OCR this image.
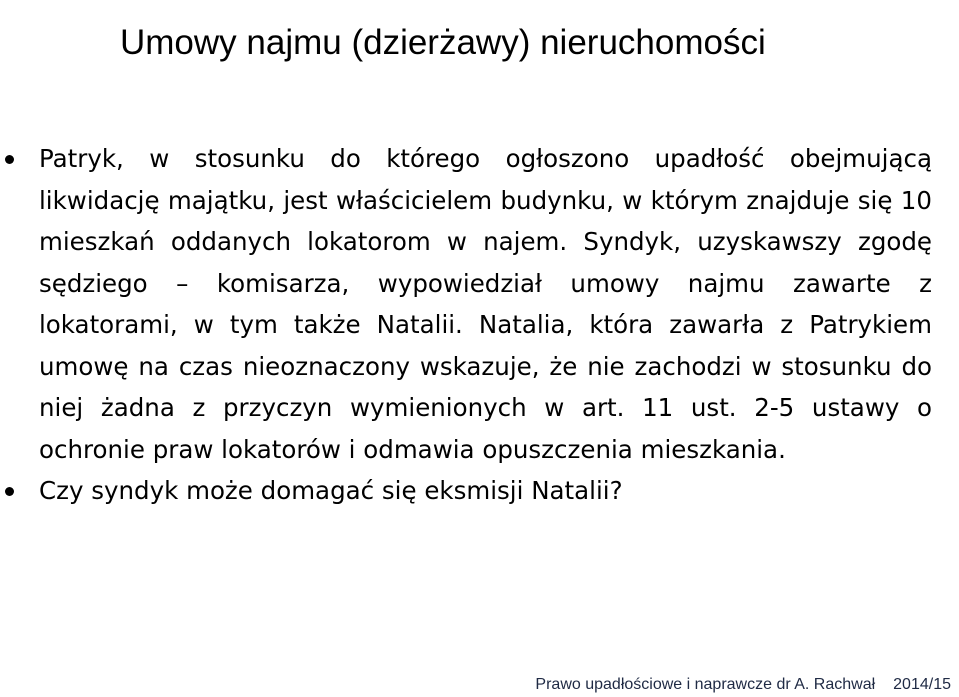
Umowy najmu (dzierżawy) nieruchomości
Patryk, w stosunku do którego ogłoszono upadłość obejmującą likwidację majątku, jest właścicielem budynku, w którym znajduje się 10 mieszkań oddanych lokatorom w najem. Syndyk, uzyskawszy zgodę sędziego – komisarza, wypowiedział umowy najmu zawarte z lokatorami, w tym także Natalii. Natalia, która zawarła z Patrykiem umowę na czas nieoznaczony wskazuje, że nie zachodzi w stosunku do niej żadna z przyczyn wymienionych w art. 11 ust. 2-5 ustawy o ochronie praw lokatorów i odmawia opuszczenia mieszkania.
Czy syndyk może domagać się eksmisji Natalii?
Prawo upadłościowe i naprawcze dr A. Rachwał 2014/15
